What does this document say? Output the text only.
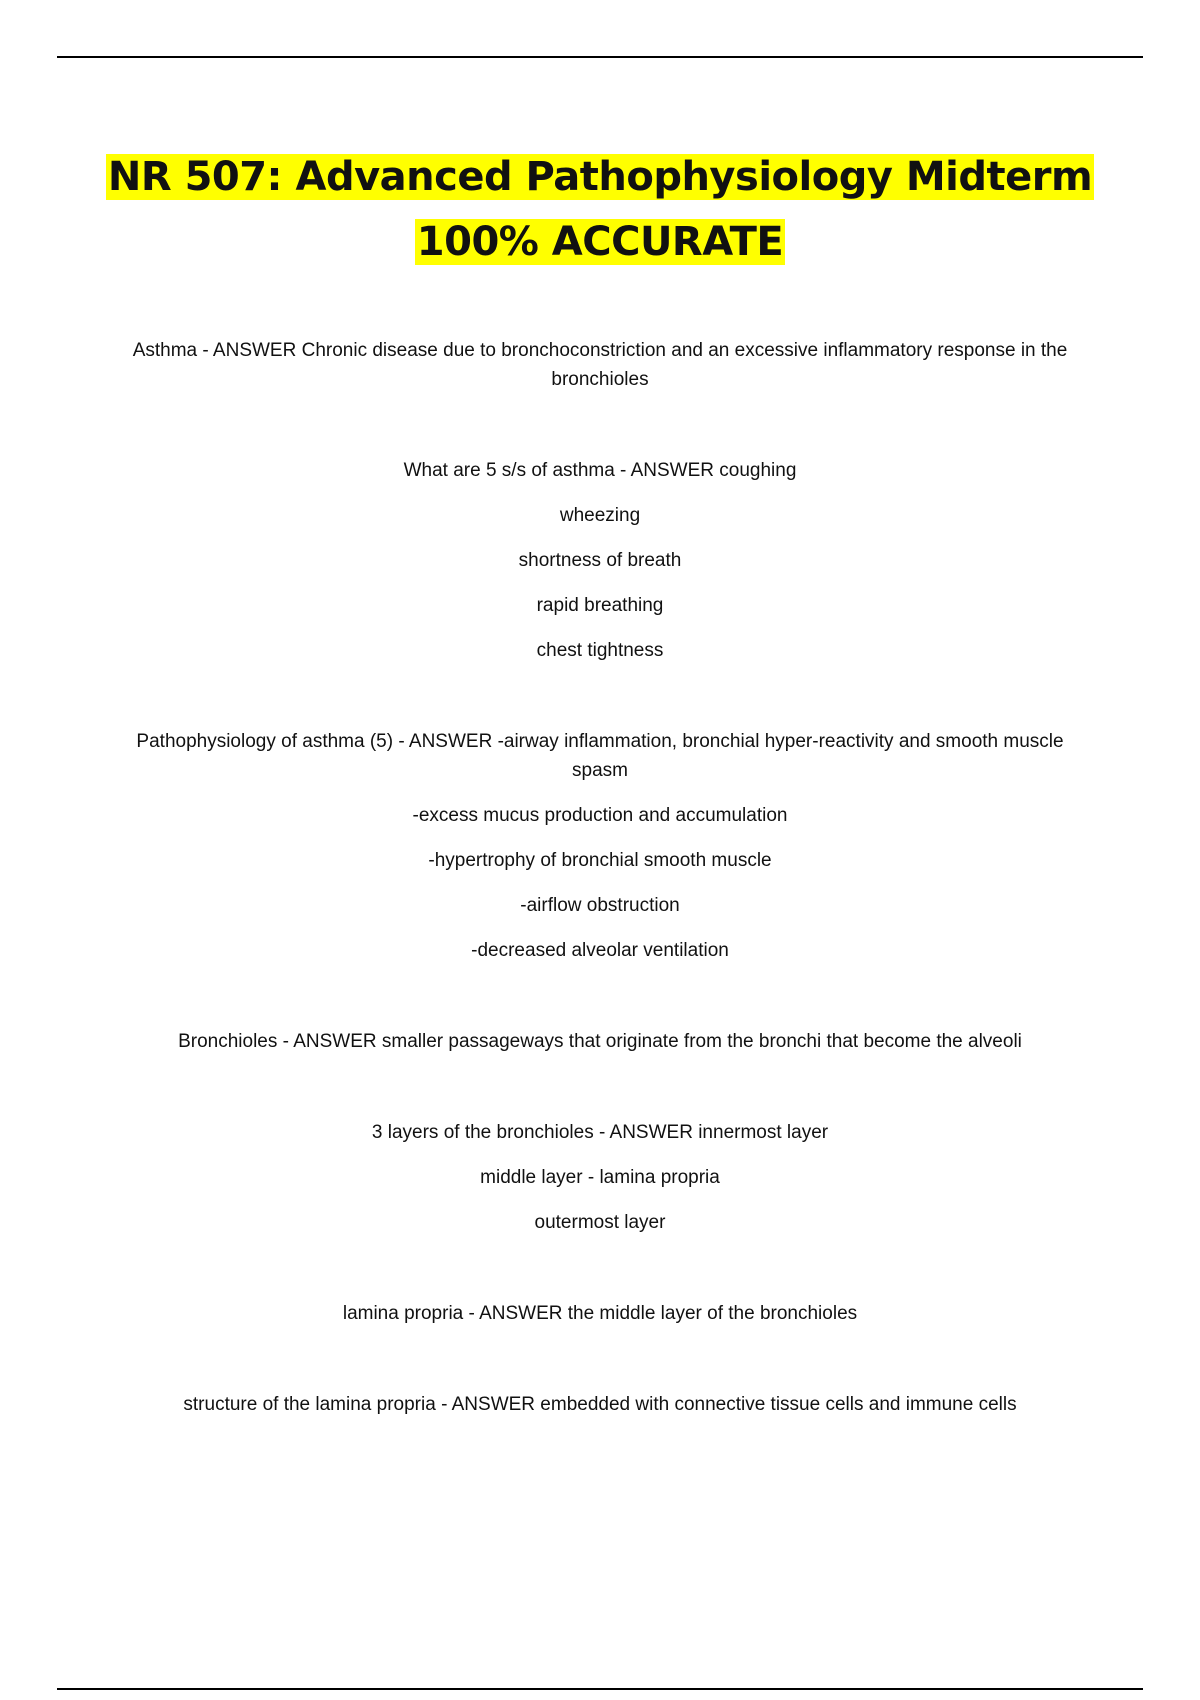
NR 507: Advanced Pathophysiology Midterm
100% ACCURATE

Asthma - ANSWER Chronic disease due to bronchoconstriction and an excessive inflammatory response in the bronchioles

What are 5 s/s of asthma - ANSWER coughing

wheezing

shortness of breath

rapid breathing

chest tightness

Pathophysiology of asthma (5) - ANSWER -airway inflammation, bronchial hyper-reactivity and smooth muscle spasm

-excess mucus production and accumulation

-hypertrophy of bronchial smooth muscle

-airflow obstruction

-decreased alveolar ventilation

Bronchioles - ANSWER smaller passageways that originate from the bronchi that become the alveoli

3 layers of the bronchioles - ANSWER innermost layer

middle layer - lamina propria

outermost layer

lamina propria - ANSWER the middle layer of the bronchioles

structure of the lamina propria - ANSWER embedded with connective tissue cells and immune cells
